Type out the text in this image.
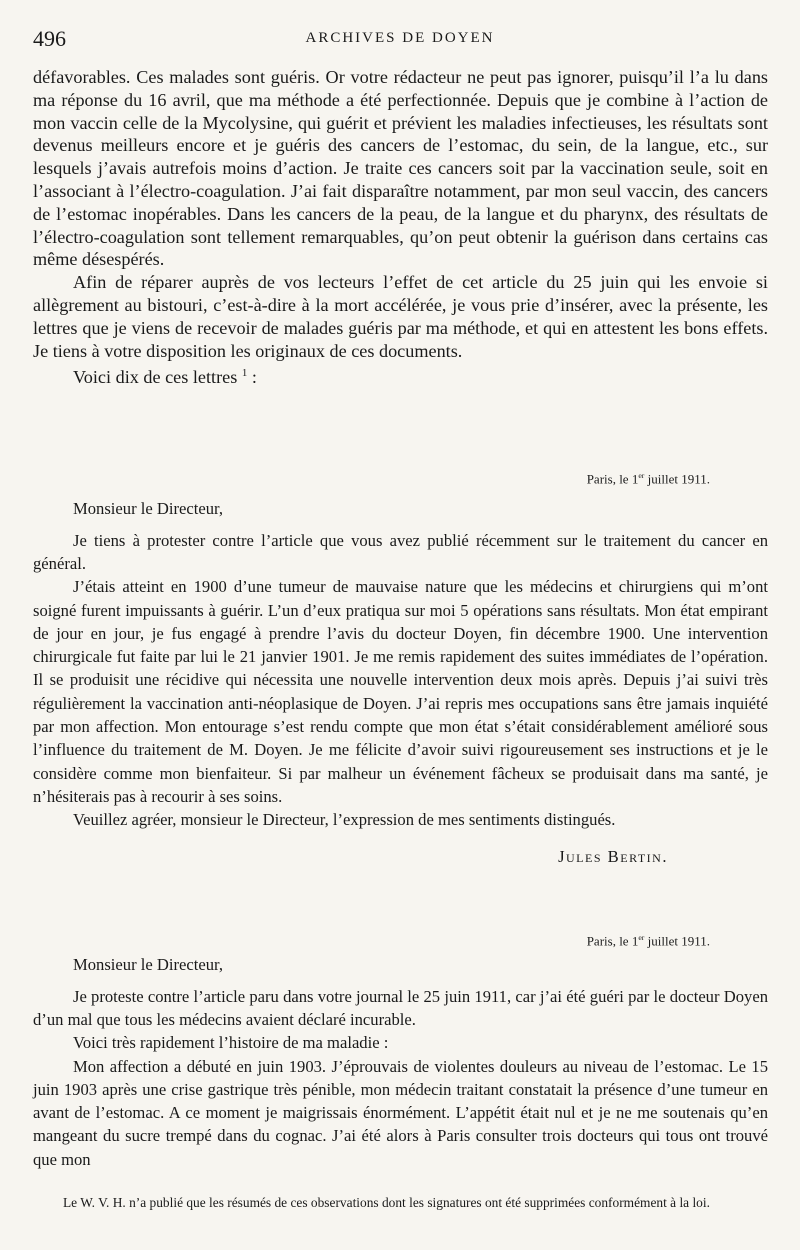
496	ARCHIVES DE DOYEN

défavorables. Ces malades sont guéris. Or votre rédacteur ne peut pas ignorer, puisqu’il l’a lu dans ma réponse du 16 avril, que ma méthode a été perfectionnée. Depuis que je combine à l’action de mon vaccin celle de la Mycolysine, qui guérit et prévient les maladies infectieuses, les résultats sont devenus meilleurs encore et je guéris des cancers de l’estomac, du sein, de la langue, etc., sur lesquels j’avais autrefois moins d’action. Je traite ces cancers soit par la vaccination seule, soit en l’associant à l’électro-coagulation. J’ai fait disparaître notamment, par mon seul vaccin, des cancers de l’estomac inopérables. Dans les cancers de la peau, de la langue et du pharynx, des résultats de l’électro-coagulation sont tellement remarquables, qu’on peut obtenir la guérison dans certains cas même désespérés.

Afin de réparer auprès de vos lecteurs l’effet de cet article du 25 juin qui les envoie si allègrement au bistouri, c’est-à-dire à la mort accélérée, je vous prie d’insérer, avec la présente, les lettres que je viens de recevoir de malades guéris par ma méthode, et qui en attestent les bons effets. Je tiens à votre disposition les originaux de ces documents.

Voici dix de ces lettres $^1$ :

Paris, le 1er juillet 1911.

Monsieur le Directeur,

Je tiens à protester contre l’article que vous avez publié récemment sur le traitement du cancer en général.

J’étais atteint en 1900 d’une tumeur de mauvaise nature que les médecins et chirurgiens qui m’ont soigné furent impuissants à guérir. L’un d’eux pratiqua sur moi 5 opérations sans résultats. Mon état empirant de jour en jour, je fus engagé à prendre l’avis du docteur Doyen, fin décembre 1900. Une intervention chirurgicale fut faite par lui le 21 janvier 1901. Je me remis rapidement des suites immédiates de l’opération. Il se produisit une récidive qui nécessita une nouvelle intervention deux mois après. Depuis j’ai suivi très régulièrement la vaccination anti-néoplasique de Doyen. J’ai repris mes occupations sans être jamais inquiété par mon affection. Mon entourage s’est rendu compte que mon état s’était considérablement amélioré sous l’influence du traitement de M. Doyen. Je me félicite d’avoir suivi rigoureusement ses instructions et je le considère comme mon bienfaiteur. Si par malheur un événement fâcheux se produisait dans ma santé, je n’hésiterais pas à recourir à ses soins.

Veuillez agréer, monsieur le Directeur, l’expression de mes sentiments distingués.

Jules Bertin.

Paris, le 1er juillet 1911.

Monsieur le Directeur,

Je proteste contre l’article paru dans votre journal le 25 juin 1911, car j’ai été guéri par le docteur Doyen d’un mal que tous les médecins avaient déclaré incurable.

Voici très rapidement l’histoire de ma maladie :

Mon affection a débuté en juin 1903. J’éprouvais de violentes douleurs au niveau de l’estomac. Le 15 juin 1903 après une crise gastrique très pénible, mon médecin traitant constatait la présence d’une tumeur en avant de l’estomac. A ce moment je maigrissais énormément. L’appétit était nul et je ne me soutenais qu’en mangeant du sucre trempé dans du cognac. J’ai été alors à Paris consulter trois docteurs qui tous ont trouvé que mon

Le W. V. H. n’a publié que les résumés de ces observations dont les signatures ont été supprimées conformément à la loi.
